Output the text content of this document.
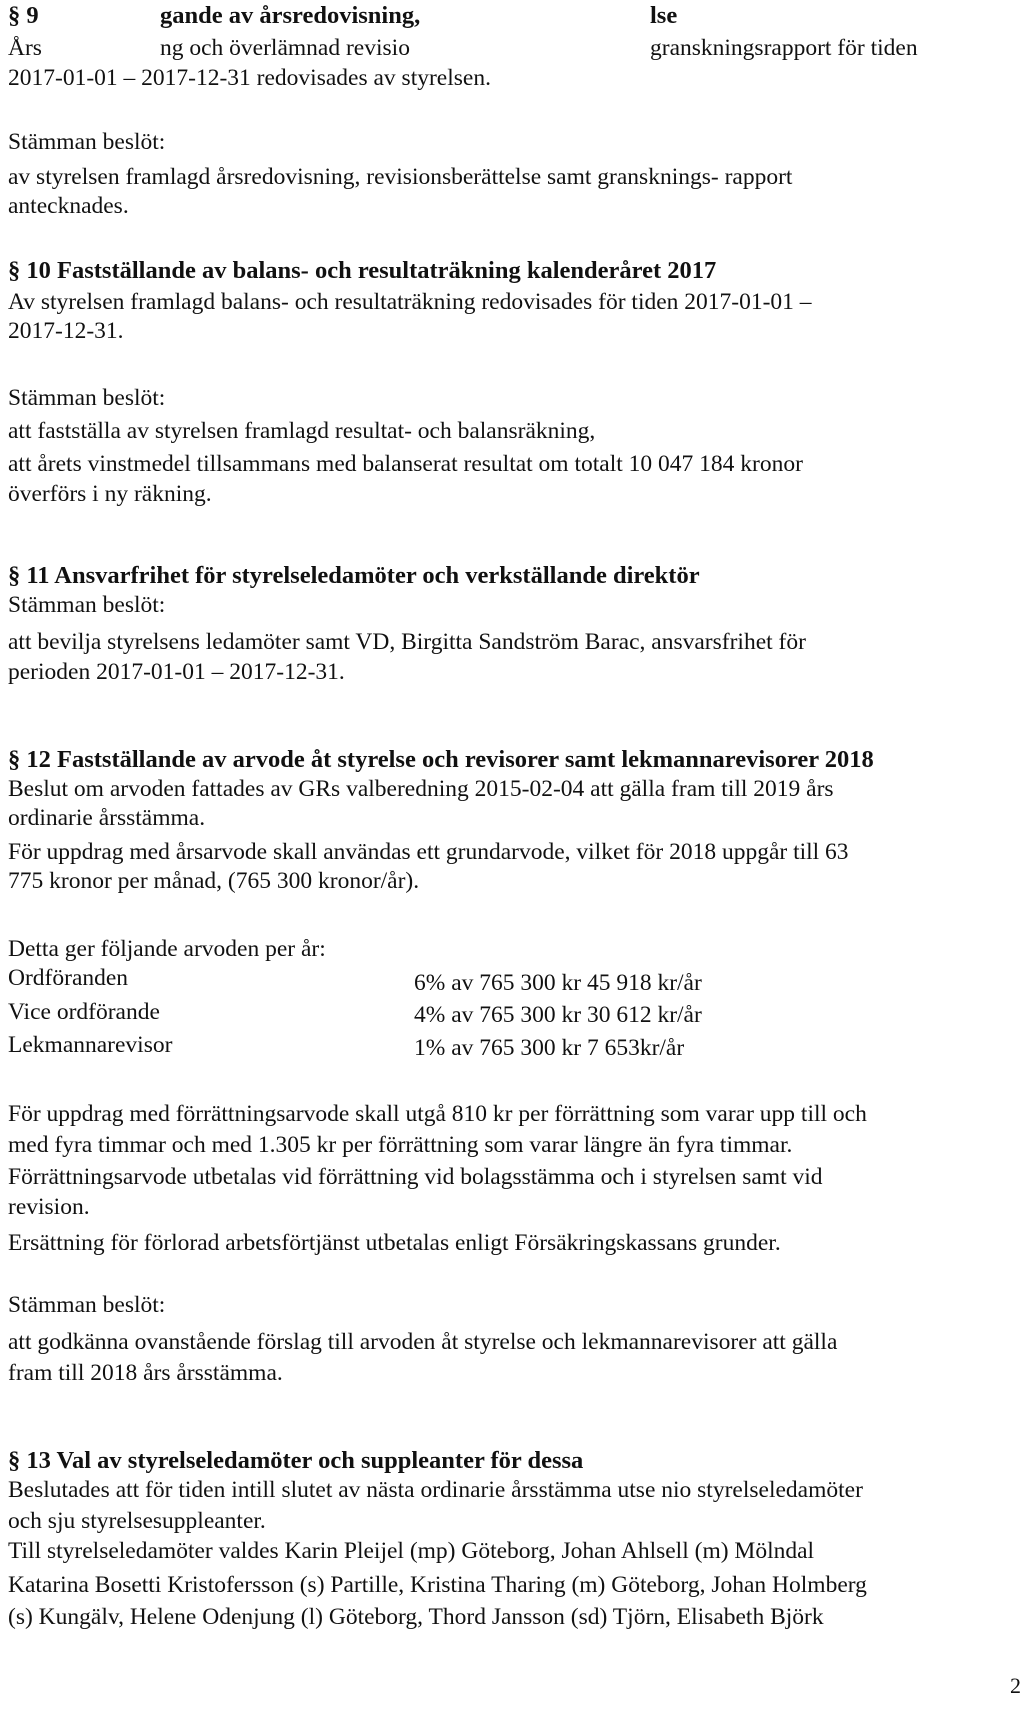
§ 9	gande av årsredovisning,	lse
Års	ng och överlämnad revisio	granskningsrapport för tiden
2017-01-01 – 2017-12-31 redovisades av styrelsen.
Stämman beslöt:
av styrelsen framlagd årsredovisning, revisionsberättelse samt gransknings- rapport
antecknades.
§ 10 Fastställande av balans- och resultaträkning kalenderåret 2017
Av styrelsen framlagd balans- och resultaträkning redovisades för tiden 2017-01-01 –
2017-12-31.
Stämman beslöt:
att fastställa av styrelsen framlagd resultat- och balansräkning,
att årets vinstmedel tillsammans med balanserat resultat om totalt 10 047 184 kronor
överförs i ny räkning.
§ 11 Ansvarfrihet för styrelseledamöter och verkställande direktör
Stämman beslöt:
att bevilja styrelsens ledamöter samt VD, Birgitta Sandström Barac, ansvarsfrihet för
perioden 2017-01-01 – 2017-12-31.
§ 12 Fastställande av arvode åt styrelse och revisorer samt lekmannarevisorer 2018
Beslut om arvoden fattades av GRs valberedning 2015-02-04 att gälla fram till 2019 års
ordinarie årsstämma.
För uppdrag med årsarvode skall användas ett grundarvode, vilket för 2018 uppgår till 63
775 kronor per månad, (765 300 kronor/år).
Detta ger följande arvoden per år:
Ordföranden	6% av 765 300 kr 45 918 kr/år
Vice ordförande	4% av 765 300 kr 30 612 kr/år
Lekmannarevisor	1% av 765 300 kr 7 653kr/år
För uppdrag med förrättningsarvode skall utgå 810 kr per förrättning som varar upp till och
med fyra timmar och med 1.305 kr per förrättning som varar längre än fyra timmar.
Förrättningsarvode utbetalas vid förrättning vid bolagsstämma och i styrelsen samt vid
revision.
Ersättning för förlorad arbetsförtjänst utbetalas enligt Försäkringskassans grunder.
Stämman beslöt:
att godkänna ovanstående förslag till arvoden åt styrelse och lekmannarevisorer att gälla
fram till 2018 års årsstämma.
§ 13 Val av styrelseledamöter och suppleanter för dessa
Beslutades att för tiden intill slutet av nästa ordinarie årsstämma utse nio styrelseledamöter
och sju styrelsesuppleanter.
Till styrelseledamöter valdes Karin Pleijel (mp) Göteborg, Johan Ahlsell (m) Mölndal
Katarina Bosetti Kristofersson (s) Partille, Kristina Tharing (m) Göteborg, Johan Holmberg
(s) Kungälv, Helene Odenjung (l) Göteborg, Thord Jansson (sd) Tjörn, Elisabeth Björk
2
